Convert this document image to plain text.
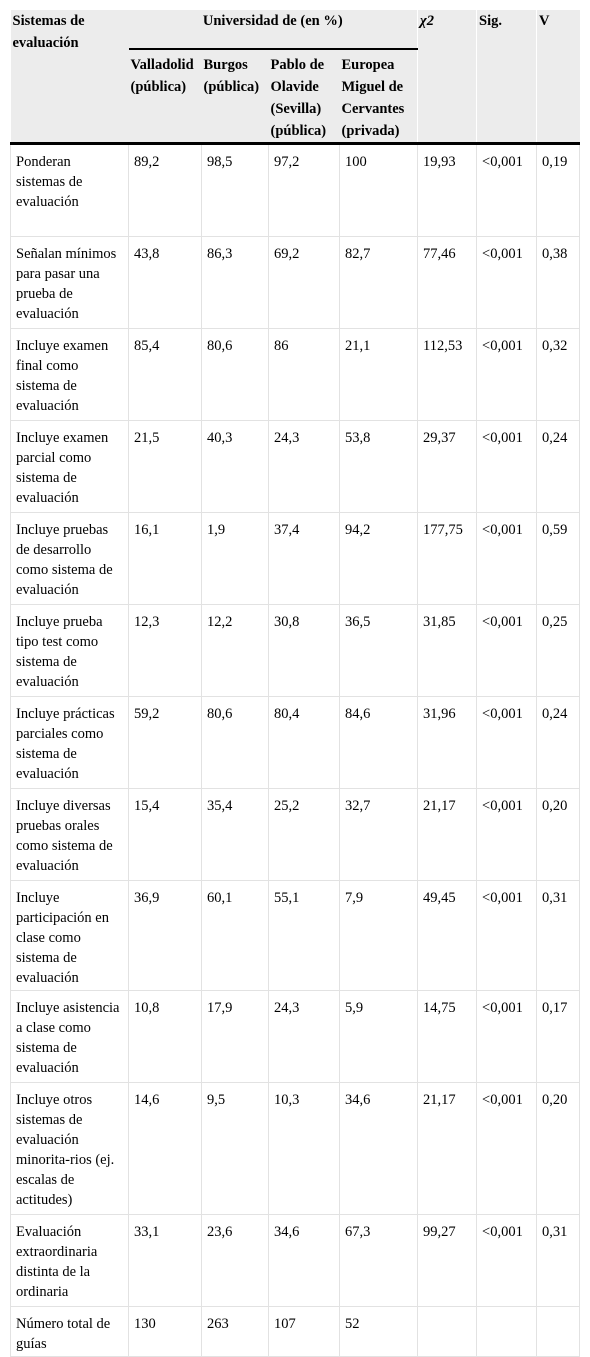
Sistemas de evaluación	Universidad de (en %)				χ2	Sig.	V
	Valladolid (pública)	Burgos (pública)	Pablo de Olavide (Sevilla) (pública)	Europea Miguel de Cervantes (privada)			
Ponderan sistemas de evaluación	89,2	98,5	97,2	100	19,93	<0,001	0,19
Señalan mínimos para pasar una prueba de evaluación	43,8	86,3	69,2	82,7	77,46	<0,001	0,38
Incluye examen final como sistema de evaluación	85,4	80,6	86	21,1	112,53	<0,001	0,32
Incluye examen parcial como sistema de evaluación	21,5	40,3	24,3	53,8	29,37	<0,001	0,24
Incluye pruebas de desarrollo como sistema de evaluación	16,1	1,9	37,4	94,2	177,75	<0,001	0,59
Incluye prueba tipo test como sistema de evaluación	12,3	12,2	30,8	36,5	31,85	<0,001	0,25
Incluye prácticas parciales como sistema de evaluación	59,2	80,6	80,4	84,6	31,96	<0,001	0,24
Incluye diversas pruebas orales como sistema de evaluación	15,4	35,4	25,2	32,7	21,17	<0,001	0,20
Incluye participación en clase como sistema de evaluación	36,9	60,1	55,1	7,9	49,45	<0,001	0,31
Incluye asistencia a clase como sistema de evaluación	10,8	17,9	24,3	5,9	14,75	<0,001	0,17
Incluye otros sistemas de evaluación minorita-rios (ej. escalas de actitudes)	14,6	9,5	10,3	34,6	21,17	<0,001	0,20
Evaluación extraordinaria distinta de la ordinaria	33,1	23,6	34,6	67,3	99,27	<0,001	0,31
Número total de guías	130	263	107	52			
